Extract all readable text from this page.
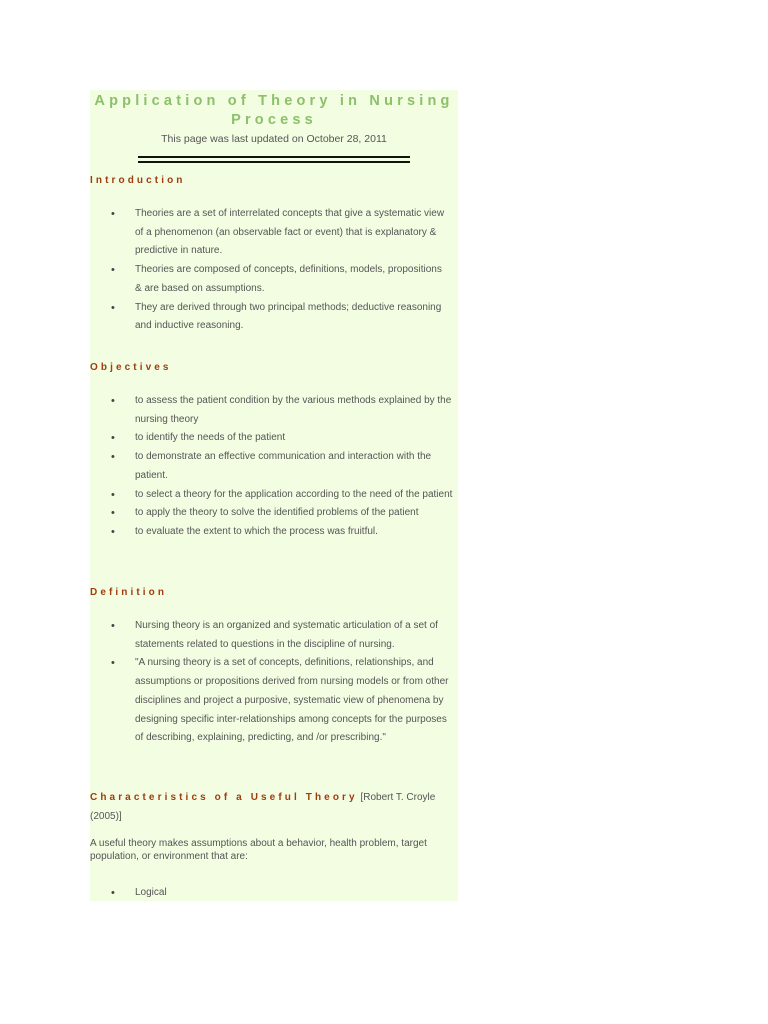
Application of Theory in Nursing Process
This page was last updated on October 28, 2011
Introduction
• Theories are a set of interrelated concepts that give a systematic view of a phenomenon (an observable fact or event) that is explanatory & predictive in nature.
• Theories are composed of concepts, definitions, models, propositions & are based on assumptions.
• They are derived through two principal methods; deductive reasoning and inductive reasoning.
Objectives
• to assess the patient condition by the various methods explained by the nursing theory
• to identify the needs of the patient
• to demonstrate an effective communication and interaction with the patient.
• to select a theory for the application according to the need of the patient
• to apply the theory to solve the identified problems of the patient
• to evaluate the extent to which the process was fruitful.
Definition
• Nursing theory is an organized and systematic articulation of a set of statements related to questions in the discipline of nursing.
• "A nursing theory is a set of concepts, definitions, relationships, and assumptions or propositions derived from nursing models or from other disciplines and project a purposive, systematic view of phenomena by designing specific inter-relationships among concepts for the purposes of describing, explaining, predicting, and /or prescribing."
Characteristics of a Useful Theory [Robert T. Croyle (2005)]

A useful theory makes assumptions about a behavior, health problem, target population, or environment that are:

• Logical
